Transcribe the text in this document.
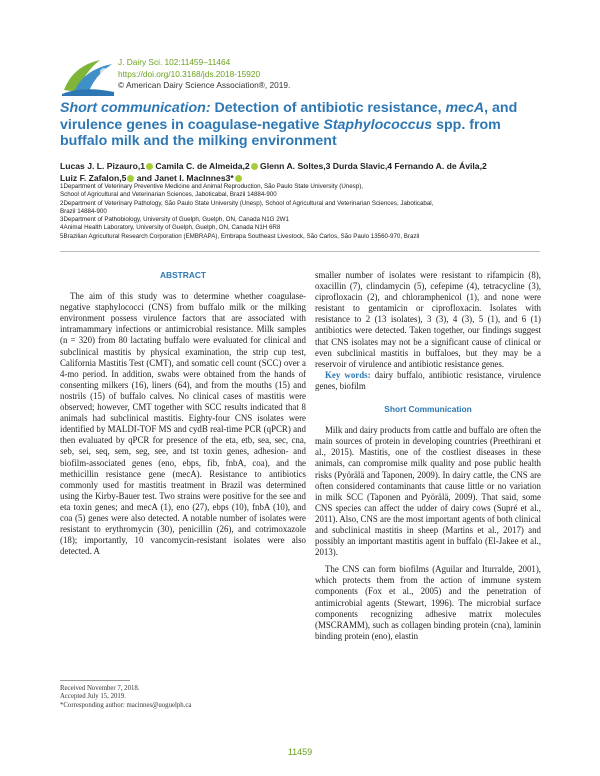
J. Dairy Sci. 102:11459–11464
https://doi.org/10.3168/jds.2018-15920
© American Dairy Science Association®, 2019.
Short communication: Detection of antibiotic resistance, mecA, and virulence genes in coagulase-negative Staphylococcus spp. from buffalo milk and the milking environment
Lucas J. L. Pizauro,1 Camila C. de Almeida,2 Glenn A. Soltes,3 Durda Slavic,4 Fernando A. de Ávila,2
Luiz F. Zafalon,5 and Janet I. MacInnes3*
1Department of Veterinary Preventive Medicine and Animal Reproduction, São Paulo State University (Unesp),
School of Agricultural and Veterinarian Sciences, Jaboticabal, Brazil 14884-900
2Department of Veterinary Pathology, São Paulo State University (Unesp), School of Agricultural and Veterinarian Sciences, Jaboticabal,
Brazil 14884-900
3Department of Pathobiology, University of Guelph, Guelph, ON, Canada N1G 2W1
4Animal Health Laboratory, University of Guelph, Guelph, ON, Canada N1H 6R8
5Brazilian Agricultural Research Corporation (EMBRAPA), Embrapa Southeast Livestock, São Carlos, São Paulo 13560-970, Brazil
ABSTRACT

The aim of this study was to determine whether coagulase-negative staphylococci (CNS) from buffalo milk or the milking environment possess virulence factors that are associated with intramammary infections or antimicrobial resistance. Milk samples (n = 320) from 80 lactating buffalo were evaluated for clinical and subclinical mastitis by physical examination, the strip cup test, California Mastitis Test (CMT), and somatic cell count (SCC) over a 4-mo period. In addition, swabs were obtained from the hands of consenting milkers (16), liners (64), and from the mouths (15) and nostrils (15) of buffalo calves. No clinical cases of mastitis were observed; however, CMT together with SCC results indicated that 8 animals had subclinical mastitis. Eighty-four CNS isolates were identified by MALDI-TOF MS and cydB real-time PCR (qPCR) and then evaluated by qPCR for presence of the eta, etb, sea, sec, cna, seb, sei, seq, sem, seg, see, and tst toxin genes, adhesion- and biofilm-associated genes (eno, ebps, fib, fnbA, coa), and the methicillin resistance gene (mecA). Resistance to antibiotics commonly used for mastitis treatment in Brazil was determined using the Kirby-Bauer test. Two strains were positive for the see and eta toxin genes; and mecA (1), eno (27), ebps (10), fnbA (10), and coa (5) genes were also detected. A notable number of isolates were resistant to erythromycin (30), penicillin (26), and cotrimoxazole (18); importantly, 10 vancomycin-resistant isolates were also detected. A

smaller number of isolates were resistant to rifampicin (8), oxacillin (7), clindamycin (5), cefepime (4), tetracycline (3), ciprofloxacin (2), and chloramphenicol (1), and none were resistant to gentamicin or ciprofloxacin. Isolates with resistance to 2 (13 isolates), 3 (3), 4 (3), 5 (1), and 6 (1) antibiotics were detected. Taken together, our findings suggest that CNS isolates may not be a significant cause of clinical or even subclinical mastitis in buffaloes, but they may be a reservoir of virulence and antibiotic resistance genes.

Key words: dairy buffalo, antibiotic resistance, virulence genes, biofilm

Short Communication

Milk and dairy products from cattle and buffalo are often the main sources of protein in developing countries (Preethirani et al., 2015). Mastitis, one of the costliest diseases in these animals, can compromise milk quality and pose public health risks (Pyörälä and Taponen, 2009). In dairy cattle, the CNS are often considered contaminants that cause little or no variation in milk SCC (Taponen and Pyörälä, 2009). That said, some CNS species can affect the udder of dairy cows (Supré et al., 2011). Also, CNS are the most important agents of both clinical and subclinical mastitis in sheep (Martins et al., 2017) and possibly an important mastitis agent in buffalo (El-Jakee et al., 2013).

The CNS can form biofilms (Aguilar and Iturralde, 2001), which protects them from the action of immune system components (Fox et al., 2005) and the penetration of antimicrobial agents (Stewart, 1996). The microbial surface components recognizing adhesive matrix molecules (MSCRAMM), such as collagen binding protein (cna), laminin binding protein (eno), elastin

Received November 7, 2018.
Accepted July 15, 2019.
*Corresponding author: macinnes@uoguelph.ca
11459
